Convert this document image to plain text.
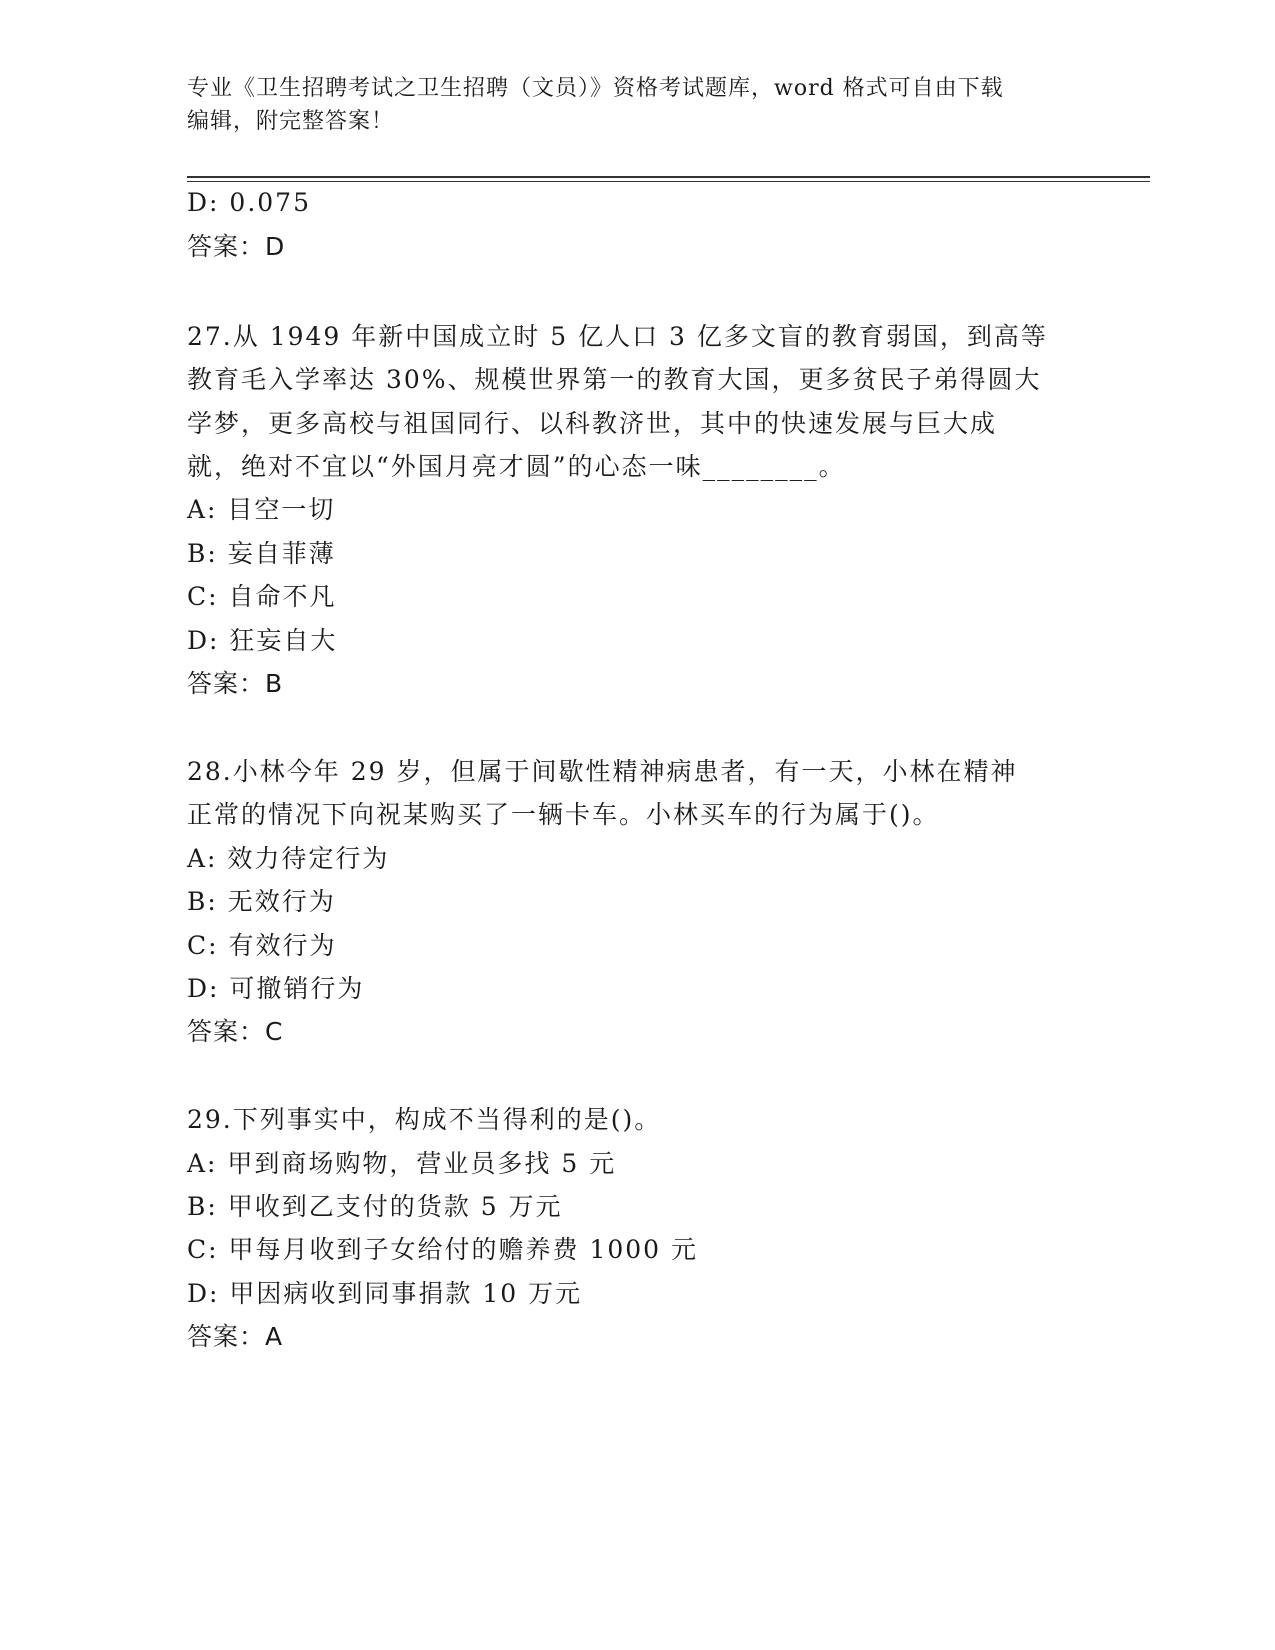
专业《卫生招聘考试之卫生招聘（文员）》资格考试题库，word 格式可自由下载
编辑，附完整答案！
D: 0.075
答案：D
27.从 1949 年新中国成立时 5 亿人口 3 亿多文盲的教育弱国，到高等
教育毛入学率达 30%、规模世界第一的教育大国，更多贫民子弟得圆大
学梦，更多高校与祖国同行、以科教济世，其中的快速发展与巨大成
就，绝对不宜以“外国月亮才圆”的心态一味________。
A: 目空一切
B: 妄自菲薄
C: 自命不凡
D: 狂妄自大
答案：B
28.小林今年 29 岁，但属于间歇性精神病患者，有一天，小林在精神
正常的情况下向祝某购买了一辆卡车。小林买车的行为属于()。
A: 效力待定行为
B: 无效行为
C: 有效行为
D: 可撤销行为
答案：C
29.下列事实中，构成不当得利的是()。
A: 甲到商场购物，营业员多找 5 元
B: 甲收到乙支付的货款 5 万元
C: 甲每月收到子女给付的赡养费 1000 元
D: 甲因病收到同事捐款 10 万元
答案：A
